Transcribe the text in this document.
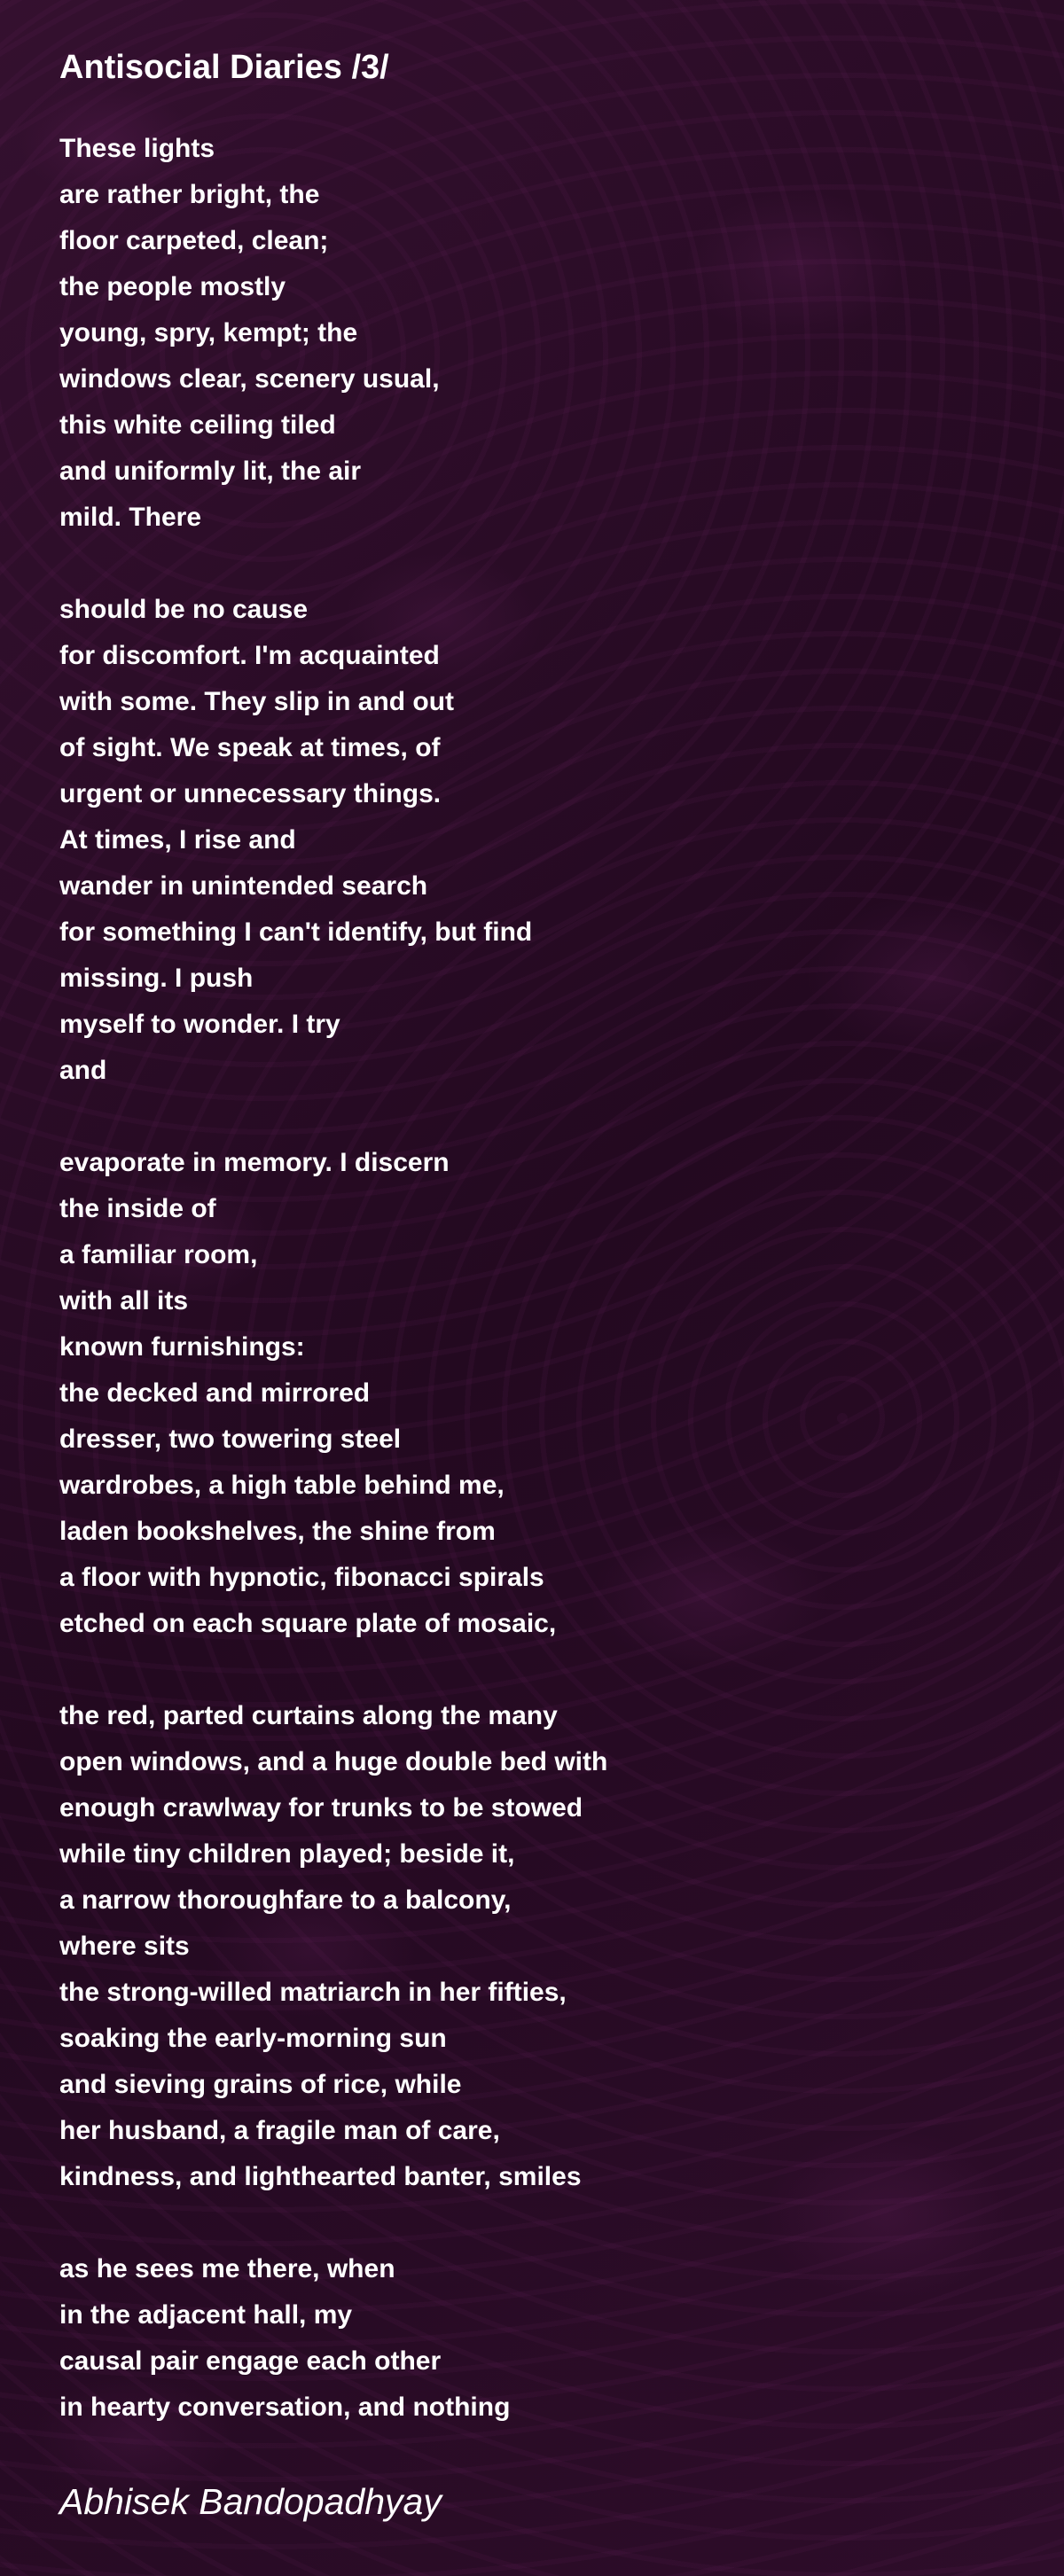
Antisocial Diaries /3/
These lights
are rather bright, the
floor carpeted, clean;
the people mostly
young, spry, kempt; the
windows clear, scenery usual,
this white ceiling tiled
and uniformly lit, the air
mild. There
should be no cause
for discomfort. I'm acquainted
with some. They slip in and out
of sight. We speak at times, of
urgent or unnecessary things.
At times, I rise and
wander in unintended search
for something I can't identify, but find
missing. I push
myself to wonder. I try
and
evaporate in memory. I discern
the inside of
a familiar room,
with all its
known furnishings:
the decked and mirrored
dresser, two towering steel
wardrobes, a high table behind me,
laden bookshelves, the shine from
a floor with hypnotic, fibonacci spirals
etched on each square plate of mosaic,
the red, parted curtains along the many
open windows, and a huge double bed with
enough crawlway for trunks to be stowed
while tiny children played; beside it,
a narrow thoroughfare to a balcony,
where sits
the strong-willed matriarch in her fifties,
soaking the early-morning sun
and sieving grains of rice, while
her husband, a fragile man of care,
kindness, and lighthearted banter, smiles
as he sees me there, when
in the adjacent hall, my
causal pair engage each other
in hearty conversation, and nothing
Abhisek Bandopadhyay
